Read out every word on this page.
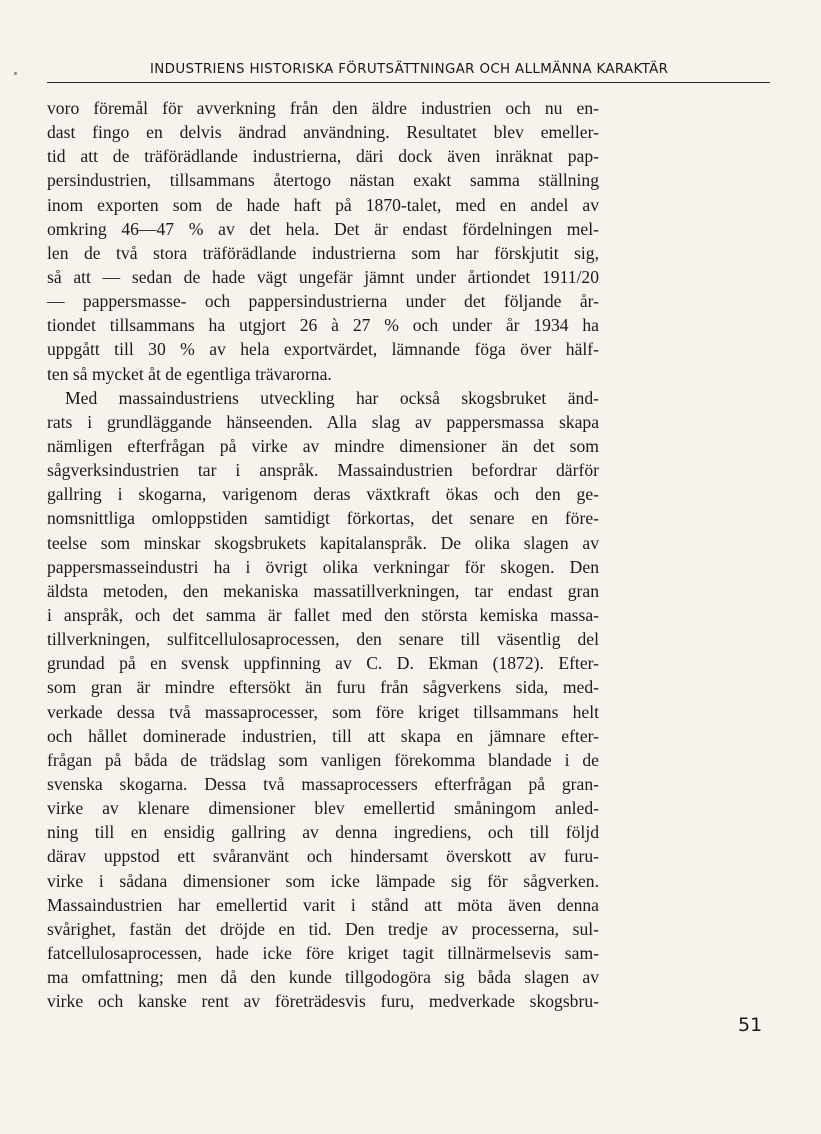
INDUSTRIENS HISTORISKA FÖRUTSÄTTNINGAR OCH ALLMÄNNA KARAKTÄR
voro föremål för avverkning från den äldre industrien och nu en-
dast fingo en delvis ändrad användning. Resultatet blev emeller-
tid att de träförädlande industrierna, däri dock även inräknat pap-
persindustrien, tillsammans återtogo nästan exakt samma ställning
inom exporten som de hade haft på 1870-talet, med en andel av
omkring 46—47 % av det hela. Det är endast fördelningen mel-
len de två stora träförädlande industrierna som har förskjutit sig,
så att — sedan de hade vägt ungefär jämnt under årtiondet 1911/20
— pappersmasse- och pappersindustrierna under det följande år-
tiondet tillsammans ha utgjort 26 à 27 % och under år 1934 ha
uppgått till 30 % av hela exportvärdet, lämnande föga över hälf-
ten så mycket åt de egentliga trävarorna.
Med massaindustriens utveckling har också skogsbruket änd-
rats i grundläggande hänseenden. Alla slag av pappersmassa skapa
nämligen efterfrågan på virke av mindre dimensioner än det som
sågverksindustrien tar i anspråk. Massaindustrien befordrar därför
gallring i skogarna, varigenom deras växtkraft ökas och den ge-
nomsnittliga omloppstiden samtidigt förkortas, det senare en före-
teelse som minskar skogsbrukets kapitalanspråk. De olika slagen av
pappersmasseindustri ha i övrigt olika verkningar för skogen. Den
äldsta metoden, den mekaniska massatillverkningen, tar endast gran
i anspråk, och det samma är fallet med den största kemiska massa-
tillverkningen, sulfitcellulosaprocessen, den senare till väsentlig del
grundad på en svensk uppfinning av C. D. Ekman (1872). Efter-
som gran är mindre eftersökt än furu från sågverkens sida, med-
verkade dessa två massaprocesser, som före kriget tillsammans helt
och hållet dominerade industrien, till att skapa en jämnare efter-
frågan på båda de trädslag som vanligen förekomma blandade i de
svenska skogarna. Dessa två massaprocessers efterfrågan på gran-
virke av klenare dimensioner blev emellertid småningom anled-
ning till en ensidig gallring av denna ingrediens, och till följd
därav uppstod ett svåranvänt och hindersamt överskott av furu-
virke i sådana dimensioner som icke lämpade sig för sågverken.
Massaindustrien har emellertid varit i stånd att möta även denna
svårighet, fastän det dröjde en tid. Den tredje av processerna, sul-
fatcellulosaprocessen, hade icke före kriget tagit tillnärmelsevis sam-
ma omfattning; men då den kunde tillgodogöra sig båda slagen av
virke och kanske rent av företrädesvis furu, medverkade skogsbru-
51
